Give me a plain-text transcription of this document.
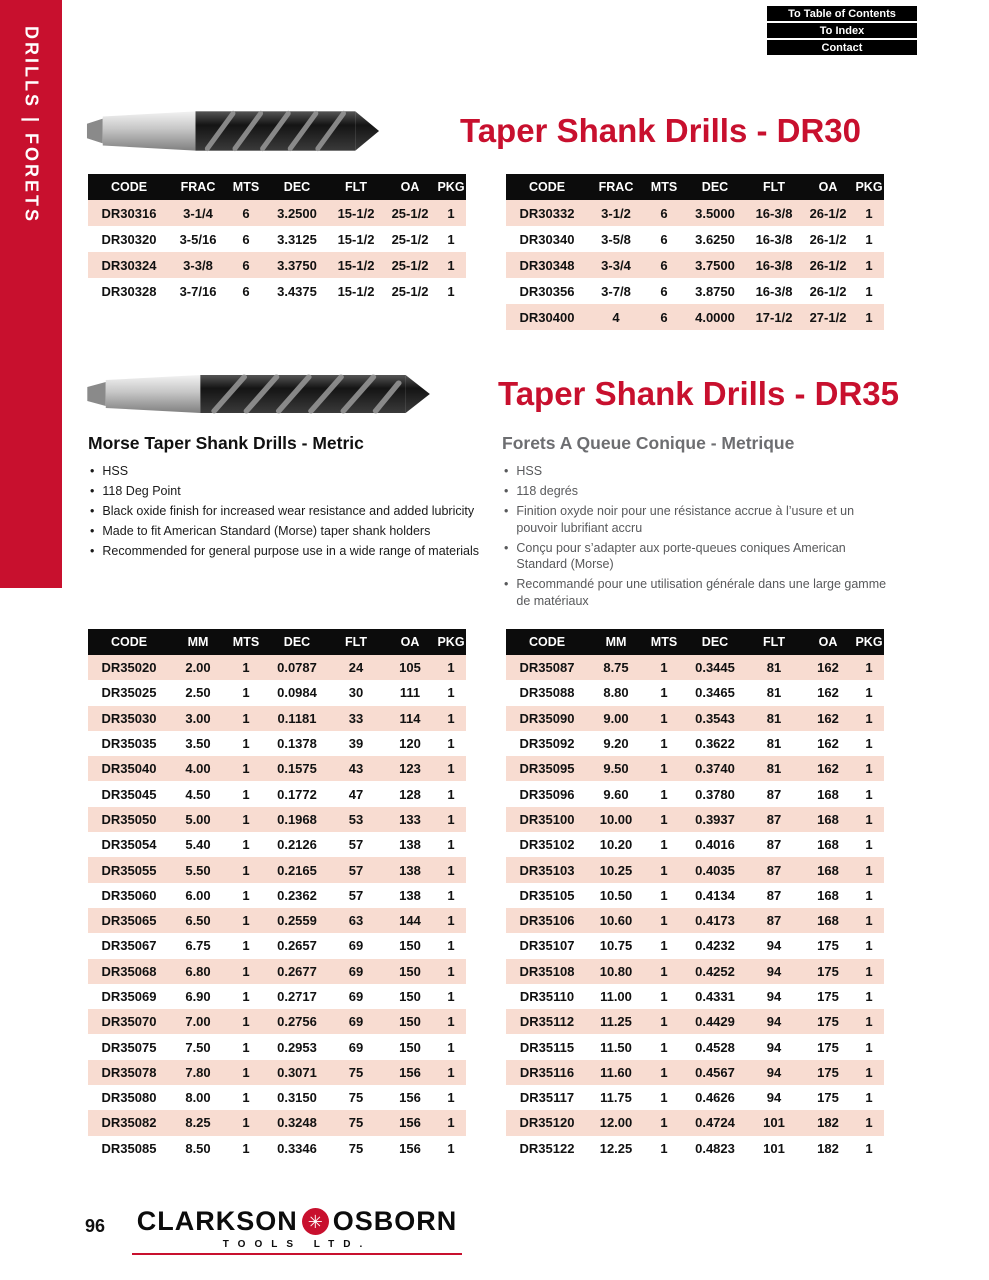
DRILLS | FORETS
To Table of Contents
To Index
Contact
Taper Shank Drills - DR30
CODE	FRAC	MTS	DEC	FLT	OA	PKG
DR30316	3-1/4	6	3.2500	15-1/2	25-1/2	1
DR30320	3-5/16	6	3.3125	15-1/2	25-1/2	1
DR30324	3-3/8	6	3.3750	15-1/2	25-1/2	1
DR30328	3-7/16	6	3.4375	15-1/2	25-1/2	1
CODE	FRAC	MTS	DEC	FLT	OA	PKG
DR30332	3-1/2	6	3.5000	16-3/8	26-1/2	1
DR30340	3-5/8	6	3.6250	16-3/8	26-1/2	1
DR30348	3-3/4	6	3.7500	16-3/8	26-1/2	1
DR30356	3-7/8	6	3.8750	16-3/8	26-1/2	1
DR30400	4	6	4.0000	17-1/2	27-1/2	1
Taper Shank Drills - DR35
Morse Taper Shank Drills - Metric	Forets A Queue Conique - Metrique
• HSS
• 118 Deg Point
• Black oxide finish for increased wear resistance and added lubricity
• Made to fit American Standard (Morse) taper shank holders
• Recommended for general purpose use in a wide range of materials
• HSS
• 118 degrés
• Finition oxyde noir pour une résistance accrue à l’usure et un pouvoir lubrifiant accru
• Conçu pour s’adapter aux porte-queues coniques American Standard (Morse)
• Recommandé pour une utilisation générale dans une large gamme de matériaux
CODE	MM	MTS	DEC	FLT	OA	PKG
DR35020	2.00	1	0.0787	24	105	1
DR35025	2.50	1	0.0984	30	111	1
DR35030	3.00	1	0.1181	33	114	1
DR35035	3.50	1	0.1378	39	120	1
DR35040	4.00	1	0.1575	43	123	1
DR35045	4.50	1	0.1772	47	128	1
DR35050	5.00	1	0.1968	53	133	1
DR35054	5.40	1	0.2126	57	138	1
DR35055	5.50	1	0.2165	57	138	1
DR35060	6.00	1	0.2362	57	138	1
DR35065	6.50	1	0.2559	63	144	1
DR35067	6.75	1	0.2657	69	150	1
DR35068	6.80	1	0.2677	69	150	1
DR35069	6.90	1	0.2717	69	150	1
DR35070	7.00	1	0.2756	69	150	1
DR35075	7.50	1	0.2953	69	150	1
DR35078	7.80	1	0.3071	75	156	1
DR35080	8.00	1	0.3150	75	156	1
DR35082	8.25	1	0.3248	75	156	1
DR35085	8.50	1	0.3346	75	156	1
CODE	MM	MTS	DEC	FLT	OA	PKG
DR35087	8.75	1	0.3445	81	162	1
DR35088	8.80	1	0.3465	81	162	1
DR35090	9.00	1	0.3543	81	162	1
DR35092	9.20	1	0.3622	81	162	1
DR35095	9.50	1	0.3740	81	162	1
DR35096	9.60	1	0.3780	87	168	1
DR35100	10.00	1	0.3937	87	168	1
DR35102	10.20	1	0.4016	87	168	1
DR35103	10.25	1	0.4035	87	168	1
DR35105	10.50	1	0.4134	87	168	1
DR35106	10.60	1	0.4173	87	168	1
DR35107	10.75	1	0.4232	94	175	1
DR35108	10.80	1	0.4252	94	175	1
DR35110	11.00	1	0.4331	94	175	1
DR35112	11.25	1	0.4429	94	175	1
DR35115	11.50	1	0.4528	94	175	1
DR35116	11.60	1	0.4567	94	175	1
DR35117	11.75	1	0.4626	94	175	1
DR35120	12.00	1	0.4724	101	182	1
DR35122	12.25	1	0.4823	101	182	1
96 CLARKSON ✳ OSBORN
TOOLS LTD.
